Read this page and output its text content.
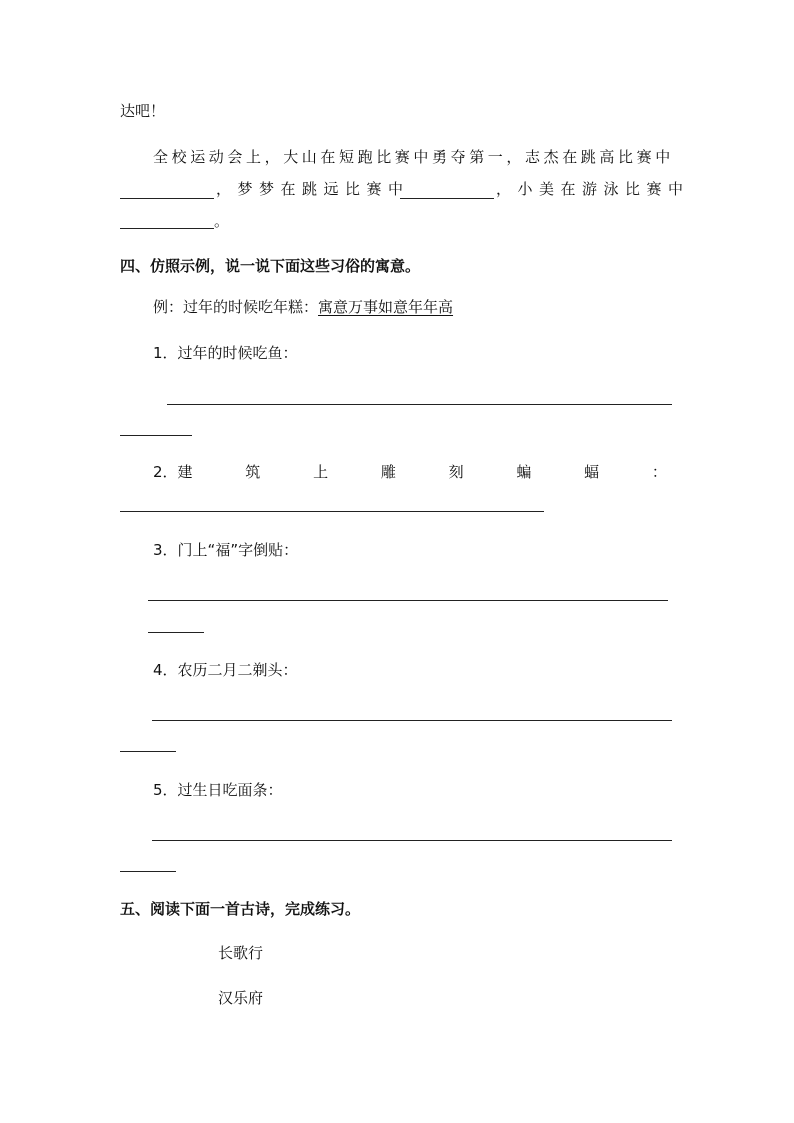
达吧！
全校运动会上，大山在短跑比赛中勇夺第一，志杰在跳高比赛中
，梦梦在跳远比赛中	，小美在游泳比赛中
。
四、仿照示例，说一说下面这些习俗的寓意。
例：过年的时候吃年糕：寓意万事如意年年高
1．过年的时候吃鱼：
2．建	筑	上	雕	刻	蝙	蝠	：
3．门上“福”字倒贴：
4．农历二月二剃头：
5．过生日吃面条：
五、阅读下面一首古诗，完成练习。
长歌行
汉乐府
